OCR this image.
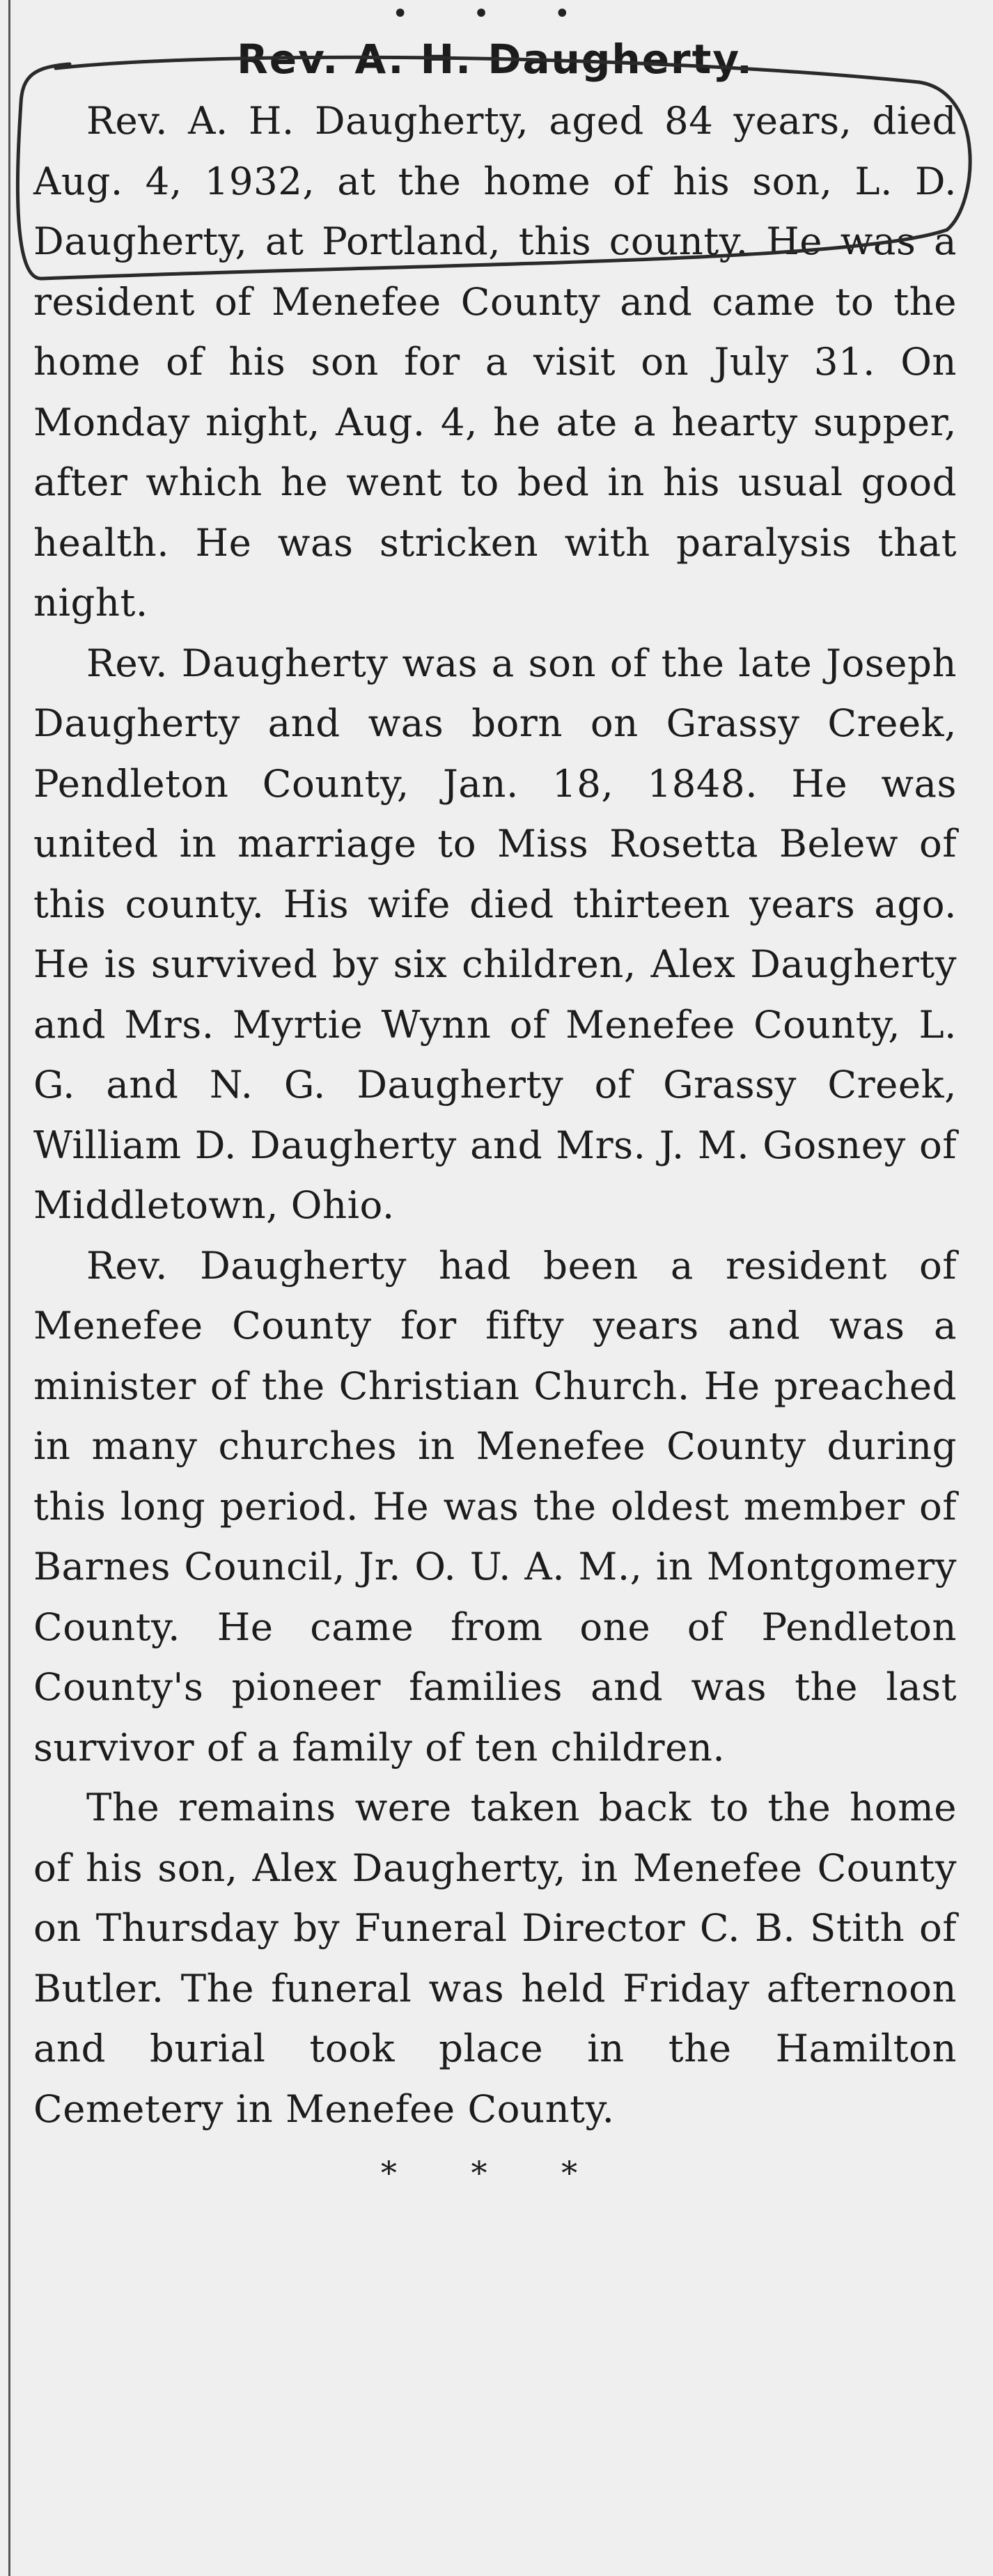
• • •
Rev. A. H. Daugherty.

Rev. A. H. Daugherty, aged 84 years, died Aug. 4, 1932, at the home of his son, L. D. Daugherty, at Portland, this county. He was a resident of Menefee County and came to the home of his son for a visit on July 31. On Monday night, Aug. 4, he ate a hearty supper, after which he went to bed in his usual good health. He was stricken with paralysis that night.

Rev. Daugherty was a son of the late Joseph Daugherty and was born on Grassy Creek, Pendleton County, Jan. 18, 1848. He was united in marriage to Miss Rosetta Belew of this county. His wife died thirteen years ago. He is survived by six children, Alex Daugherty and Mrs. Myrtie Wynn of Menefee County, L. G. and N. G. Daugherty of Grassy Creek, William D. Daugherty and Mrs. J. M. Gosney of Middletown, Ohio.

Rev. Daugherty had been a resident of Menefee County for fifty years and was a minister of the Christian Church. He preached in many churches in Menefee County during this long period. He was the oldest member of Barnes Council, Jr. O. U. A. M., in Montgomery County. He came from one of Pendleton County's pioneer families and was the last survivor of a family of ten children.

The remains were taken back to the home of his son, Alex Daugherty, in Menefee County on Thursday by Funeral Director C. B. Stith of Butler. The funeral was held Friday afternoon and burial took place in the Hamilton Cemetery in Menefee County.

* * *
